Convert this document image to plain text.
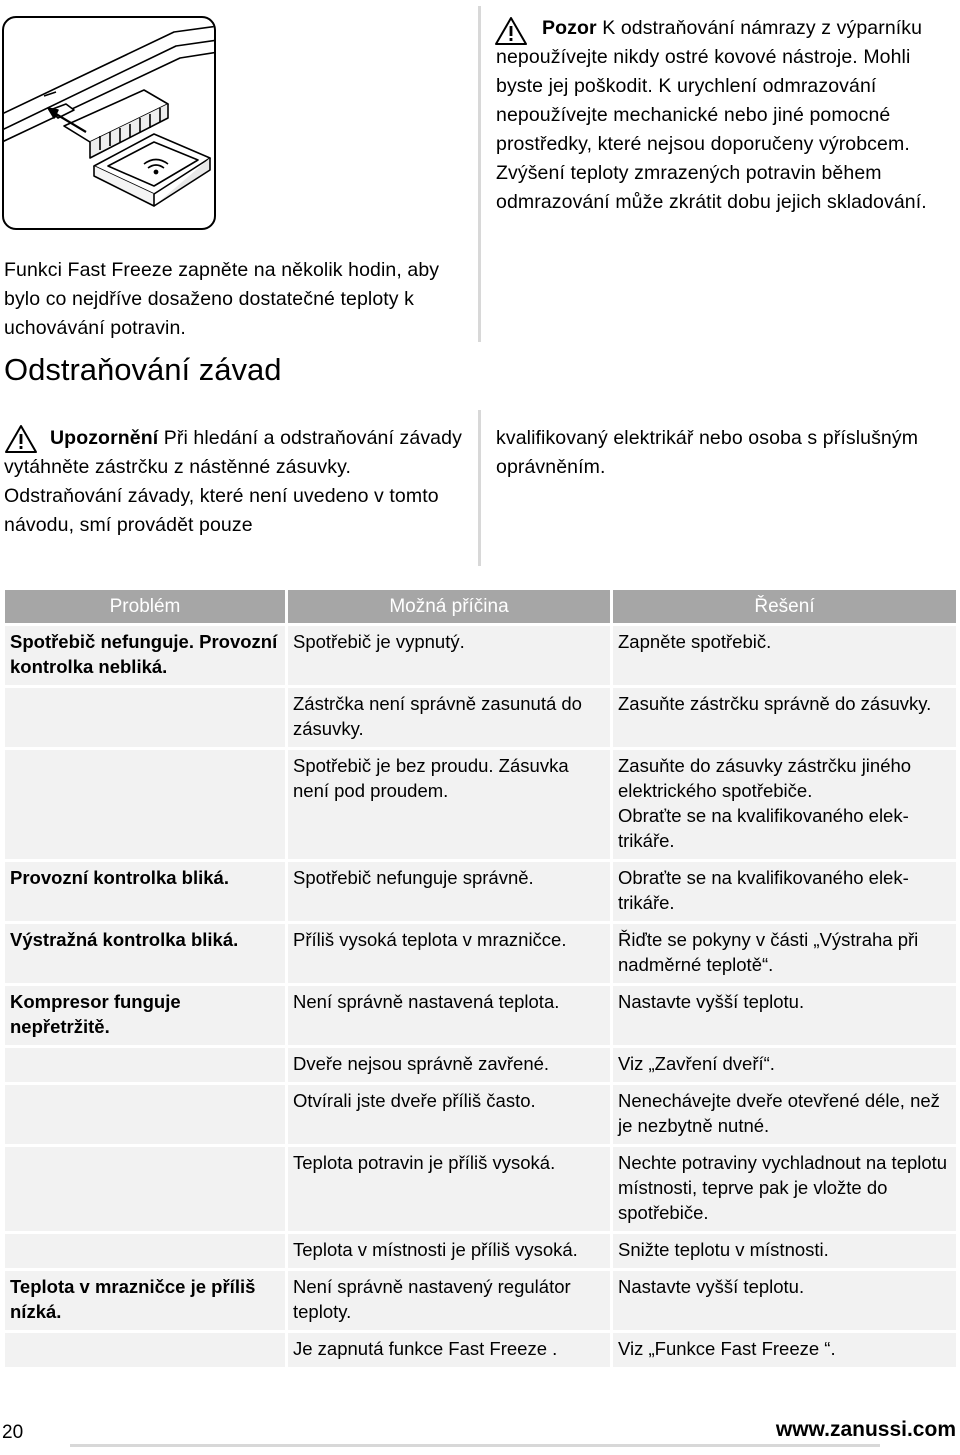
Funkci Fast Freeze zapněte na několik hodin, aby bylo co nejdříve dosaženo dostatečné teploty k uchovávání potravin.
Pozor K odstraňování námrazy z výparníku nepoužívejte nikdy ostré kovové nástroje. Mohli byste jej poškodit. K urychlení odmrazování nepoužívejte mechanické nebo jiné pomocné prostředky, které nejsou doporučeny výrobcem. Zvýšení teploty zmrazených potravin během odmrazování může zkrátit dobu jejich skladování.
Odstraňování závad
Upozornění Při hledání a odstraňování závady vytáhněte zástrčku z nástěnné zásuvky. Odstraňování závady, které není uvedeno v tomto návodu, smí provádět pouze
kvalifikovaný elektrikář nebo osoba s příslušným oprávněním.
Problém	Možná příčina	Řešení
Spotřebič nefunguje. Provozní kontrolka nebliká.	Spotřebič je vypnutý.	Zapněte spotřebič.
	Zástrčka není správně zasunutá do zásuvky.	Zasuňte zástrčku správně do zásuvky.
	Spotřebič je bez proudu. Zásuvka není pod proudem.	Zasuňte do zásuvky zástrčku jiného elektrického spotřebiče.
Obraťte se na kvalifikovaného elektrikáře.
Provozní kontrolka bliká.	Spotřebič nefunguje správně.	Obraťte se na kvalifikovaného elektrikáře.
Výstražná kontrolka bliká.	Příliš vysoká teplota v mrazničce.	Řiďte se pokyny v části „Výstraha při nadměrné teplotě“.
Kompresor funguje nepřetržitě.	Není správně nastavená teplota.	Nastavte vyšší teplotu.
	Dveře nejsou správně zavřené.	Viz „Zavření dveří“.
	Otvírali jste dveře příliš často.	Nenechávejte dveře otevřené déle, než je nezbytně nutné.
	Teplota potravin je příliš vysoká.	Nechte potraviny vychladnout na teplotu místnosti, teprve pak je vložte do spotřebiče.
	Teplota v místnosti je příliš vysoká.	Snižte teplotu v místnosti.
Teplota v mrazničce je příliš nízká.	Není správně nastavený regulátor teploty.	Nastavte vyšší teplotu.
	Je zapnutá funkce Fast Freeze .	Viz „Funkce Fast Freeze “.
20	www.zanussi.com
